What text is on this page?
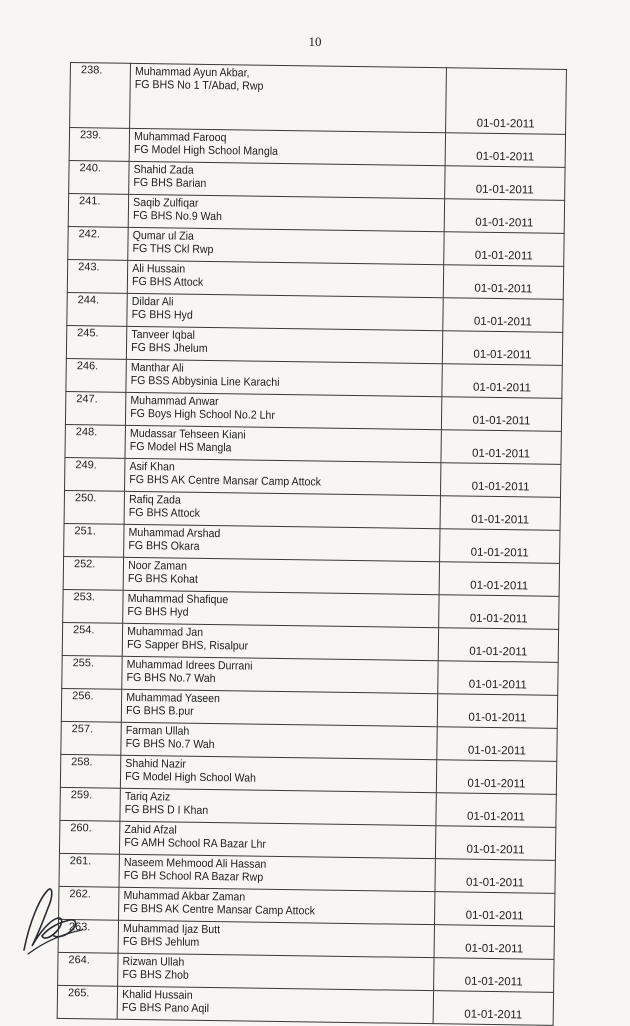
10
238.	Muhammad Ayun Akbar,
FG BHS No 1 T/Abad, Rwp	01-01-2011
239.	Muhammad Farooq
FG Model High School Mangla	01-01-2011
240.	Shahid Zada
FG BHS Barian	01-01-2011
241.	Saqib Zulfiqar
FG BHS No.9 Wah	01-01-2011
242.	Qumar ul Zia
FG THS Ckl Rwp	01-01-2011
243.	Ali Hussain
FG BHS Attock	01-01-2011
244.	Dildar Ali
FG BHS Hyd	01-01-2011
245.	Tanveer Iqbal
FG BHS Jhelum	01-01-2011
246.	Manthar Ali
FG BSS Abbysinia Line Karachi	01-01-2011
247.	Muhammad Anwar
FG Boys High School No.2 Lhr	01-01-2011
248.	Mudassar Tehseen Kiani
FG Model HS Mangla	01-01-2011
249.	Asif Khan
FG BHS AK Centre Mansar Camp Attock	01-01-2011
250.	Rafiq Zada
FG BHS Attock	01-01-2011
251.	Muhammad Arshad
FG BHS Okara	01-01-2011
252.	Noor Zaman
FG BHS Kohat	01-01-2011
253.	Muhammad Shafique
FG BHS Hyd	01-01-2011
254.	Muhammad Jan
FG Sapper BHS, Risalpur	01-01-2011
255.	Muhammad Idrees Durrani
FG BHS No.7 Wah	01-01-2011
256.	Muhammad Yaseen
FG BHS B.pur	01-01-2011
257.	Farman Ullah
FG BHS No.7 Wah	01-01-2011
258.	Shahid Nazir
FG Model High School Wah	01-01-2011
259.	Tariq Aziz
FG BHS D I Khan	01-01-2011
260.	Zahid Afzal
FG AMH School RA Bazar Lhr	01-01-2011
261.	Naseem Mehmood Ali Hassan
FG BH School RA Bazar Rwp	01-01-2011
262.	Muhammad Akbar Zaman
FG BHS AK Centre Mansar Camp Attock	01-01-2011
263.	Muhammad Ijaz Butt
FG BHS Jehlum	01-01-2011
264.	Rizwan Ullah
FG BHS Zhob	01-01-2011
265.	Khalid Hussain
FG BHS Pano Aqil	01-01-2011
